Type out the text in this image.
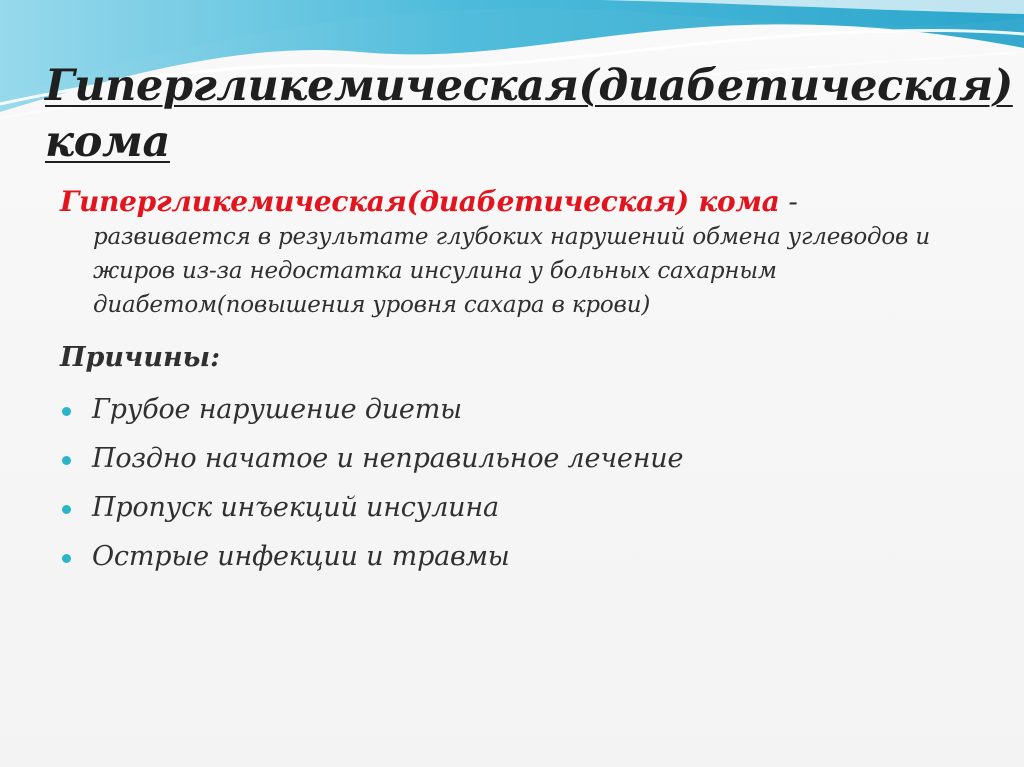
Гипергликемическая(диабетическая)
кома
Гипергликемическая(диабетическая) кома -
развивается в результате глубоких нарушений обмена углеводов и жиров из-за недостатка инсулина у больных сахарным диабетом(повышения уровня сахара в крови)
Причины:
Грубое нарушение диеты
Поздно начатое и неправильное лечение
Пропуск инъекций инсулина
Острые инфекции и травмы
